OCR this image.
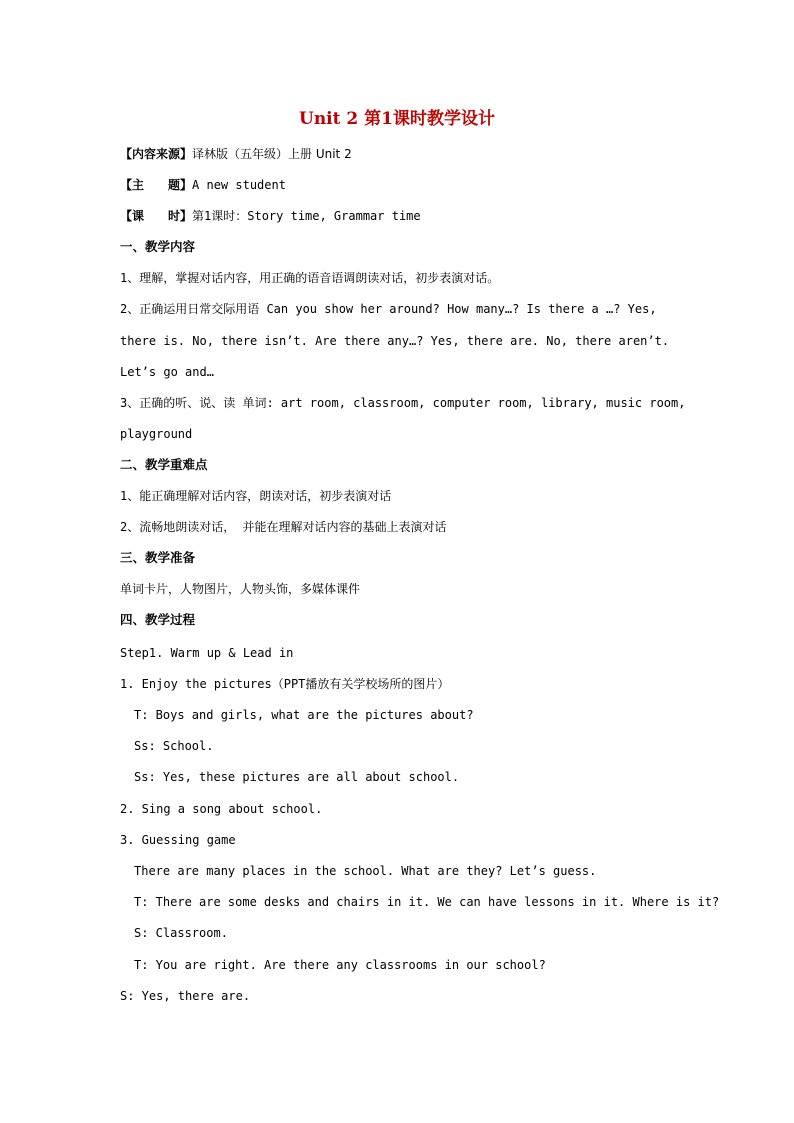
Unit 2 第1课时教学设计
【内容来源】译林版（五年级）上册 Unit 2
【主　　题】A new student
【课　　时】第1课时：Story time, Grammar time
一、教学内容
1、理解，掌握对话内容，用正确的语音语调朗读对话，初步表演对话。
2、正确运用日常交际用语 Can you show her around? How many…? Is there a …? Yes,
there is. No, there isn’t. Are there any…? Yes, there are. No, there aren’t.
Let’s go and…
3、正确的听、说、读 单词: art room, classroom, computer room, library, music room,
playground
二、教学重难点
1、能正确理解对话内容，朗读对话，初步表演对话
2、流畅地朗读对话， 并能在理解对话内容的基础上表演对话
三、教学准备
单词卡片，人物图片，人物头饰，多媒体课件
四、教学过程
Step1. Warm up & Lead in
1. Enjoy the pictures（PPT播放有关学校场所的图片）
T: Boys and girls, what are the pictures about?
Ss: School.
Ss: Yes, these pictures are all about school.
2. Sing a song about school.
3. Guessing game
There are many places in the school. What are they? Let’s guess.
T: There are some desks and chairs in it. We can have lessons in it. Where is it?
S: Classroom.
T: You are right. Are there any classrooms in our school?
S: Yes, there are.
